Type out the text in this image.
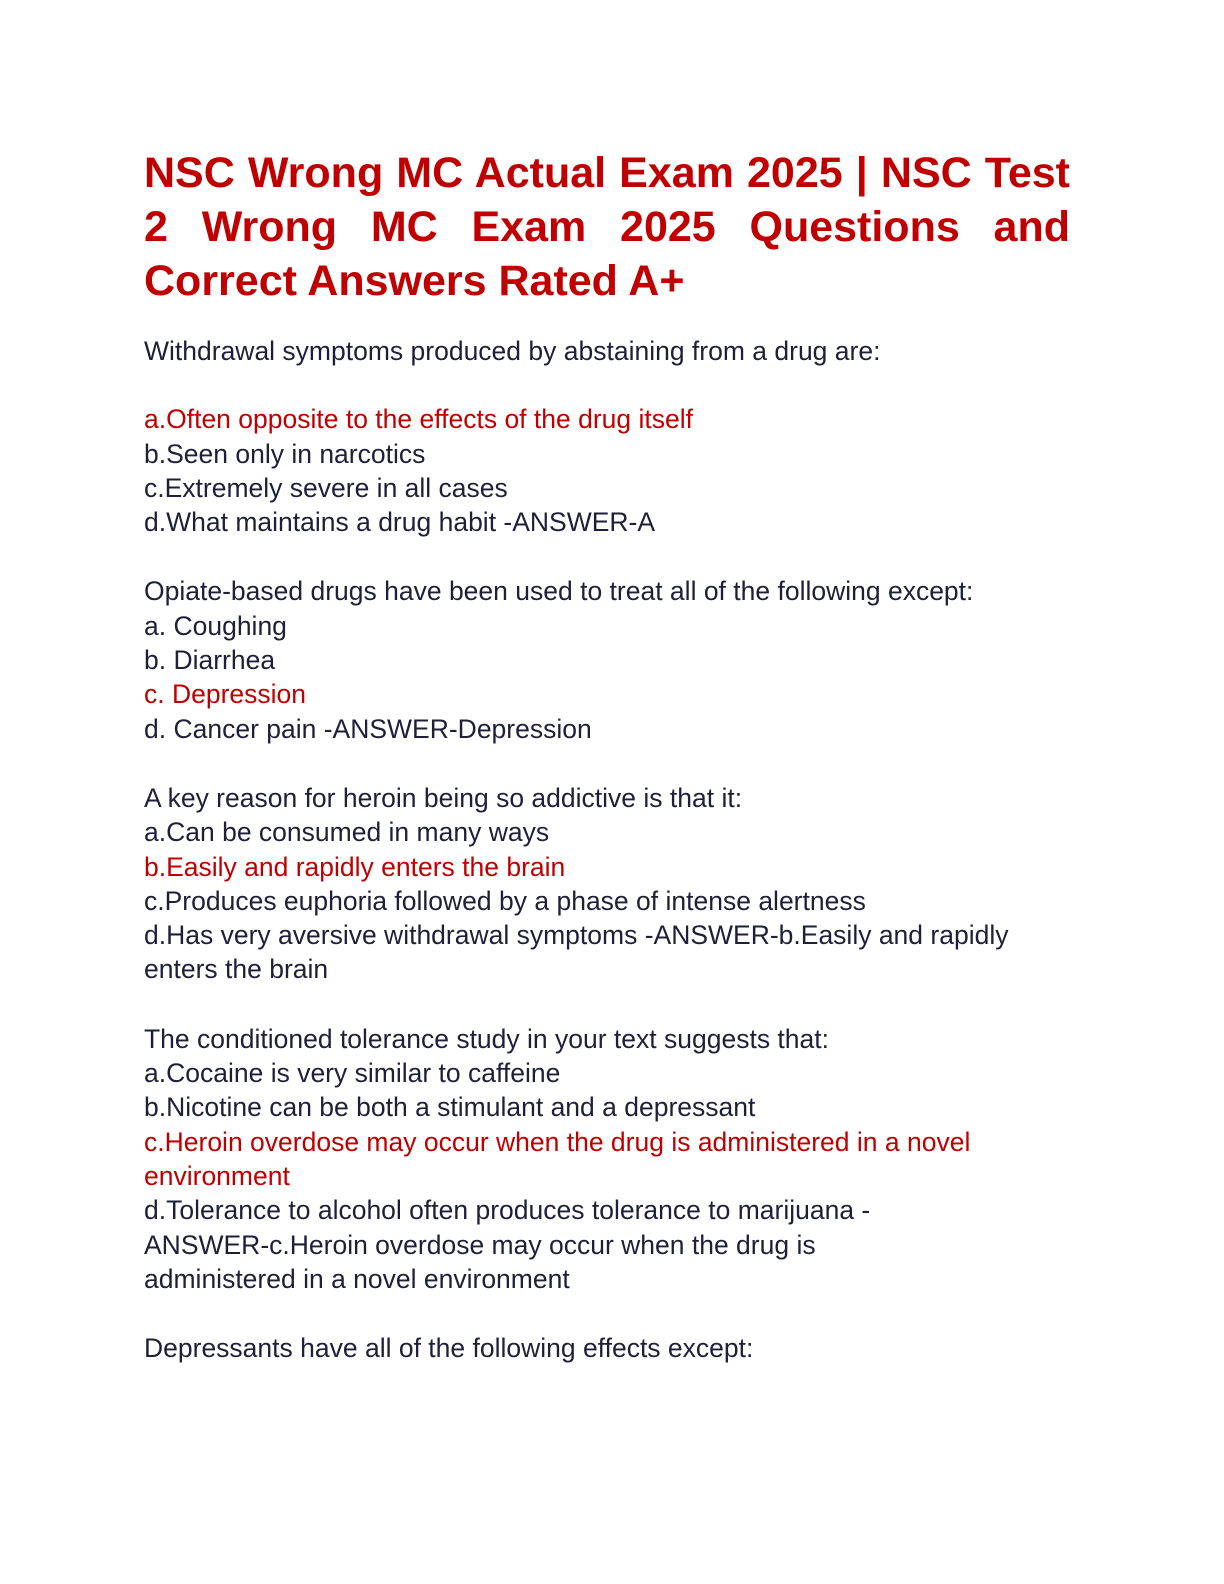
NSC Wrong MC Actual Exam 2025 | NSC Test 2 Wrong MC Exam 2025 Questions and Correct Answers Rated A+

Withdrawal symptoms produced by abstaining from a drug are:

a.Often opposite to the effects of the drug itself

b.Seen only in narcotics

c.Extremely severe in all cases

d.What maintains a drug habit -ANSWER-A

Opiate-based drugs have been used to treat all of the following except:

a. Coughing

b. Diarrhea

c. Depression

d. Cancer pain -ANSWER-Depression

A key reason for heroin being so addictive is that it:

a.Can be consumed in many ways

b.Easily and rapidly enters the brain

c.Produces euphoria followed by a phase of intense alertness

d.Has very aversive withdrawal symptoms -ANSWER-b.Easily and rapidly enters the brain

The conditioned tolerance study in your text suggests that:

a.Cocaine is very similar to caffeine

b.Nicotine can be both a stimulant and a depressant

c.Heroin overdose may occur when the drug is administered in a novel environment

d.Tolerance to alcohol often produces tolerance to marijuana -ANSWER-c.Heroin overdose may occur when the drug is administered in a novel environment

Depressants have all of the following effects except:
